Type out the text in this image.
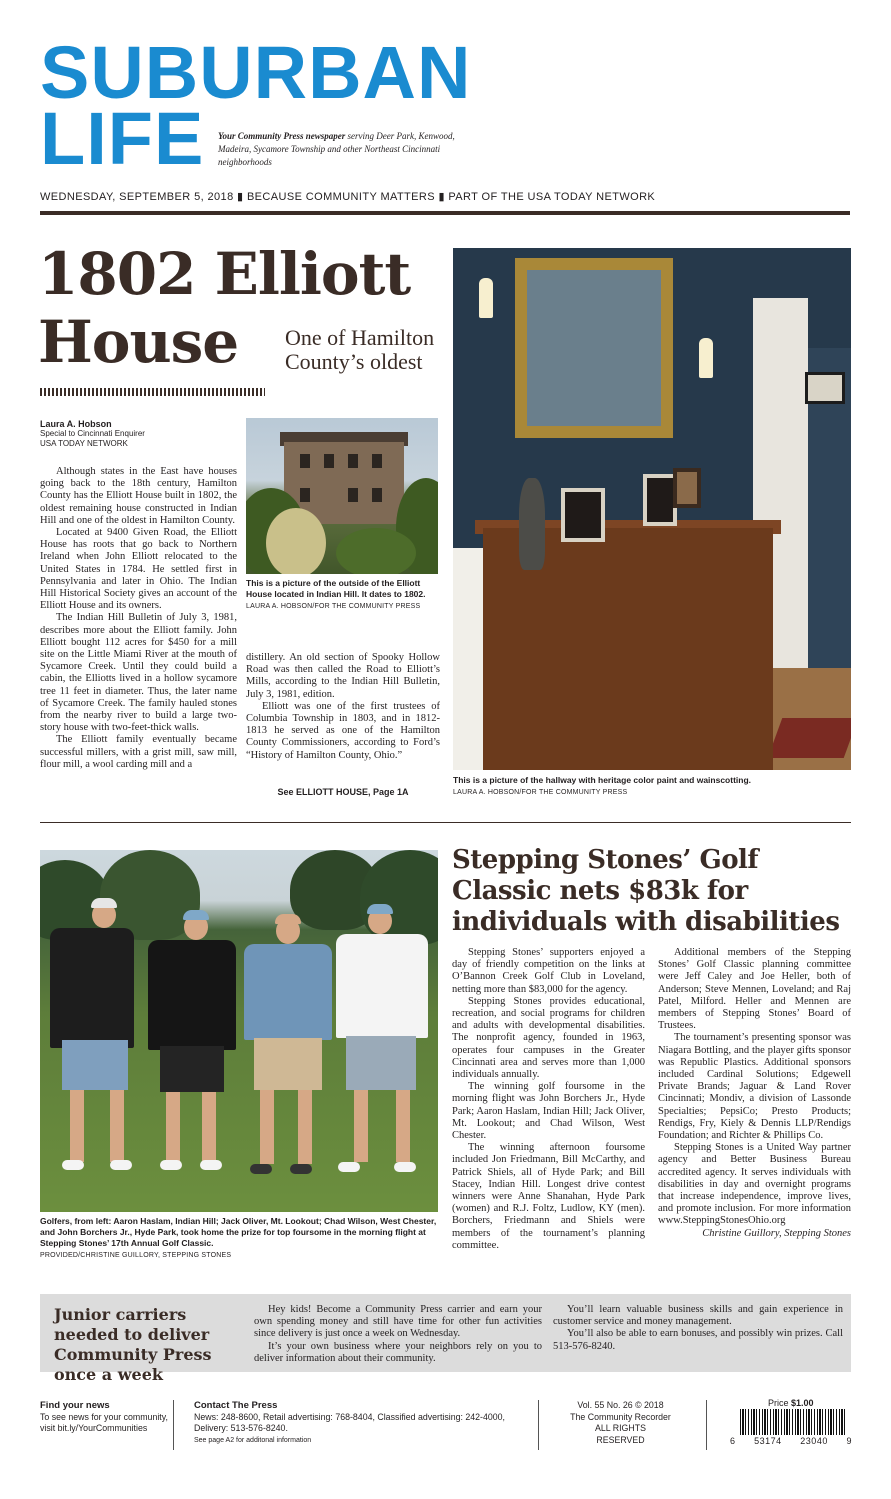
SUBURBAN
LIFE	Your Community Press newspaper serving Deer Park, Kenwood, Madeira, Sycamore Township and other Northeast Cincinnati neighborhoods
WEDNESDAY, SEPTEMBER 5, 2018 ▮ BECAUSE COMMUNITY MATTERS ▮ PART OF THE USA TODAY NETWORK
1802 Elliott
House	One of Hamilton County’s oldest
Laura A. Hobson
Special to Cincinnati Enquirer
USA TODAY NETWORK

Although states in the East have houses going back to the 18th century, Hamilton County has the Elliott House built in 1802, the oldest remaining house constructed in Indian Hill and one of the oldest in Hamilton County.

Located at 9400 Given Road, the Elliott House has roots that go back to Northern Ireland when John Elliott relocated to the United States in 1784. He settled first in Pennsylvania and later in Ohio. The Indian Hill Historical Society gives an account of the Elliott House and its owners.

The Indian Hill Bulletin of July 3, 1981, describes more about the Elliott family. John Elliott bought 112 acres for $450 for a mill site on the Little Miami River at the mouth of Sycamore Creek. Until they could build a cabin, the Elliotts lived in a hollow sycamore tree 11 feet in diameter. Thus, the later name of Sycamore Creek. The family hauled stones from the nearby river to build a large two-story house with two-feet-thick walls.

The Elliott family eventually became successful millers, with a grist mill, saw mill, flour mill, a wool carding mill and a

This is a picture of the outside of the Elliott House located in Indian Hill. It dates to 1802. LAURA A. HOBSON/FOR THE COMMUNITY PRESS

distillery. An old section of Spooky Hollow Road was then called the Road to Elliott’s Mills, according to the Indian Hill Bulletin, July 3, 1981, edition.

Elliott was one of the first trustees of Columbia Township in 1803, and in 1812-1813 he served as one of the Hamilton County Commissioners, according to Ford’s “History of Hamilton County, Ohio.”

See ELLIOTT HOUSE, Page 1A
This is a picture of the hallway with heritage color paint and wainscotting.
LAURA A. HOBSON/FOR THE COMMUNITY PRESS
Golfers, from left: Aaron Haslam, Indian Hill; Jack Oliver, Mt. Lookout; Chad Wilson, West Chester, and John Borchers Jr., Hyde Park, took home the prize for top foursome in the morning flight at Stepping Stones’ 17th Annual Golf Classic.
PROVIDED/CHRISTINE GUILLORY, STEPPING STONES
Stepping Stones’ Golf Classic nets $83k for individuals with disabilities

Stepping Stones’ supporters enjoyed a day of friendly competition on the links at O’Bannon Creek Golf Club in Loveland, netting more than $83,000 for the agency.

Stepping Stones provides educational, recreation, and social programs for children and adults with developmental disabilities. The nonprofit agency, founded in 1963, operates four campuses in the Greater Cincinnati area and serves more than 1,000 individuals annually.

The winning golf foursome in the morning flight was John Borchers Jr., Hyde Park; Aaron Haslam, Indian Hill; Jack Oliver, Mt. Lookout; and Chad Wilson, West Chester.

The winning afternoon foursome included Jon Friedmann, Bill McCarthy, and Patrick Shiels, all of Hyde Park; and Bill Stacey, Indian Hill. Longest drive contest winners were Anne Shanahan, Hyde Park (women) and R.J. Foltz, Ludlow, KY (men). Borchers, Friedmann and Shiels were members of the tournament’s planning committee.

Additional members of the Stepping Stones’ Golf Classic planning committee were Jeff Caley and Joe Heller, both of Anderson; Steve Mennen, Loveland; and Raj Patel, Milford. Heller and Mennen are members of Stepping Stones’ Board of Trustees.

The tournament’s presenting sponsor was Niagara Bottling, and the player gifts sponsor was Republic Plastics. Additional sponsors included Cardinal Solutions; Edgewell Private Brands; Jaguar & Land Rover Cincinnati; Mondiv, a division of Lassonde Specialties; PepsiCo; Presto Products; Rendigs, Fry, Kiely & Dennis LLP/Rendigs Foundation; and Richter & Phillips Co.

Stepping Stones is a United Way partner agency and Better Business Bureau accredited agency. It serves individuals with disabilities in day and overnight programs that increase independence, improve lives, and promote inclusion. For more information www.SteppingStonesOhio.org

Christine Guillory, Stepping Stones

Junior carriers needed to deliver Community Press once a week

Hey kids! Become a Community Press carrier and earn your own spending money and still have time for other fun activities since delivery is just once a week on Wednesday.

It’s your own business where your neighbors rely on you to deliver information about their community.

You’ll learn valuable business skills and gain experience in customer service and money management.

You’ll also be able to earn bonuses, and possibly win prizes. Call 513-576-8240.

Find your news
To see news for your community, visit bit.ly/YourCommunities
Contact The Press
News: 248-8600, Retail advertising: 768-8404, Classified advertising: 242-4000, Delivery: 513-576-8240.
See page A2 for additonal information
Vol. 55 No. 26 © 2018
The Community Recorder
ALL RIGHTS
RESERVED
Price $1.00
6 53174 23040 9
